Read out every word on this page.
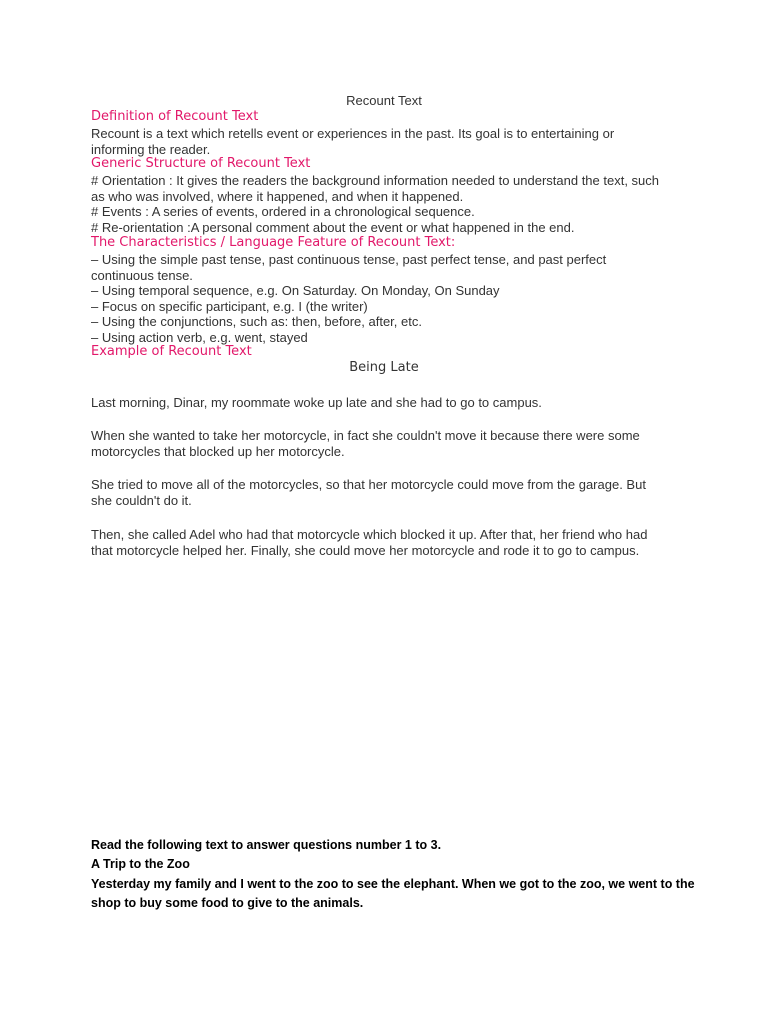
Recount Text
Definition of Recount Text
Recount is a text which retells event or experiences in the past. Its goal is to entertaining or
informing the reader.
Generic Structure of Recount Text
# Orientation : It gives the readers the background information needed to understand the text, such
as who was involved, where it happened, and when it happened.
# Events : A series of events, ordered in a chronological sequence.
# Re-orientation :A personal comment about the event or what happened in the end.
The Characteristics / Language Feature of Recount Text:
– Using the simple past tense, past continuous tense, past perfect tense, and past perfect
continuous tense.
– Using temporal sequence, e.g. On Saturday. On Monday, On Sunday
– Focus on specific participant, e.g. I (the writer)
– Using the conjunctions, such as: then, before, after, etc.
– Using action verb, e.g. went, stayed
Example of Recount Text
Being Late
Last morning, Dinar, my roommate woke up late and she had to go to campus.
When she wanted to take her motorcycle, in fact she couldn't move it because there were some
motorcycles that blocked up her motorcycle.
She tried to move all of the motorcycles, so that her motorcycle could move from the garage. But
she couldn't do it.
Then, she called Adel who had that motorcycle which blocked it up. After that, her friend who had
that motorcycle helped her. Finally, she could move her motorcycle and rode it to go to campus.
Read the following text to answer questions number 1 to 3.
A Trip to the Zoo
Yesterday my family and I went to the zoo to see the elephant. When we got to the zoo, we went to the
shop to buy some food to give to the animals.
